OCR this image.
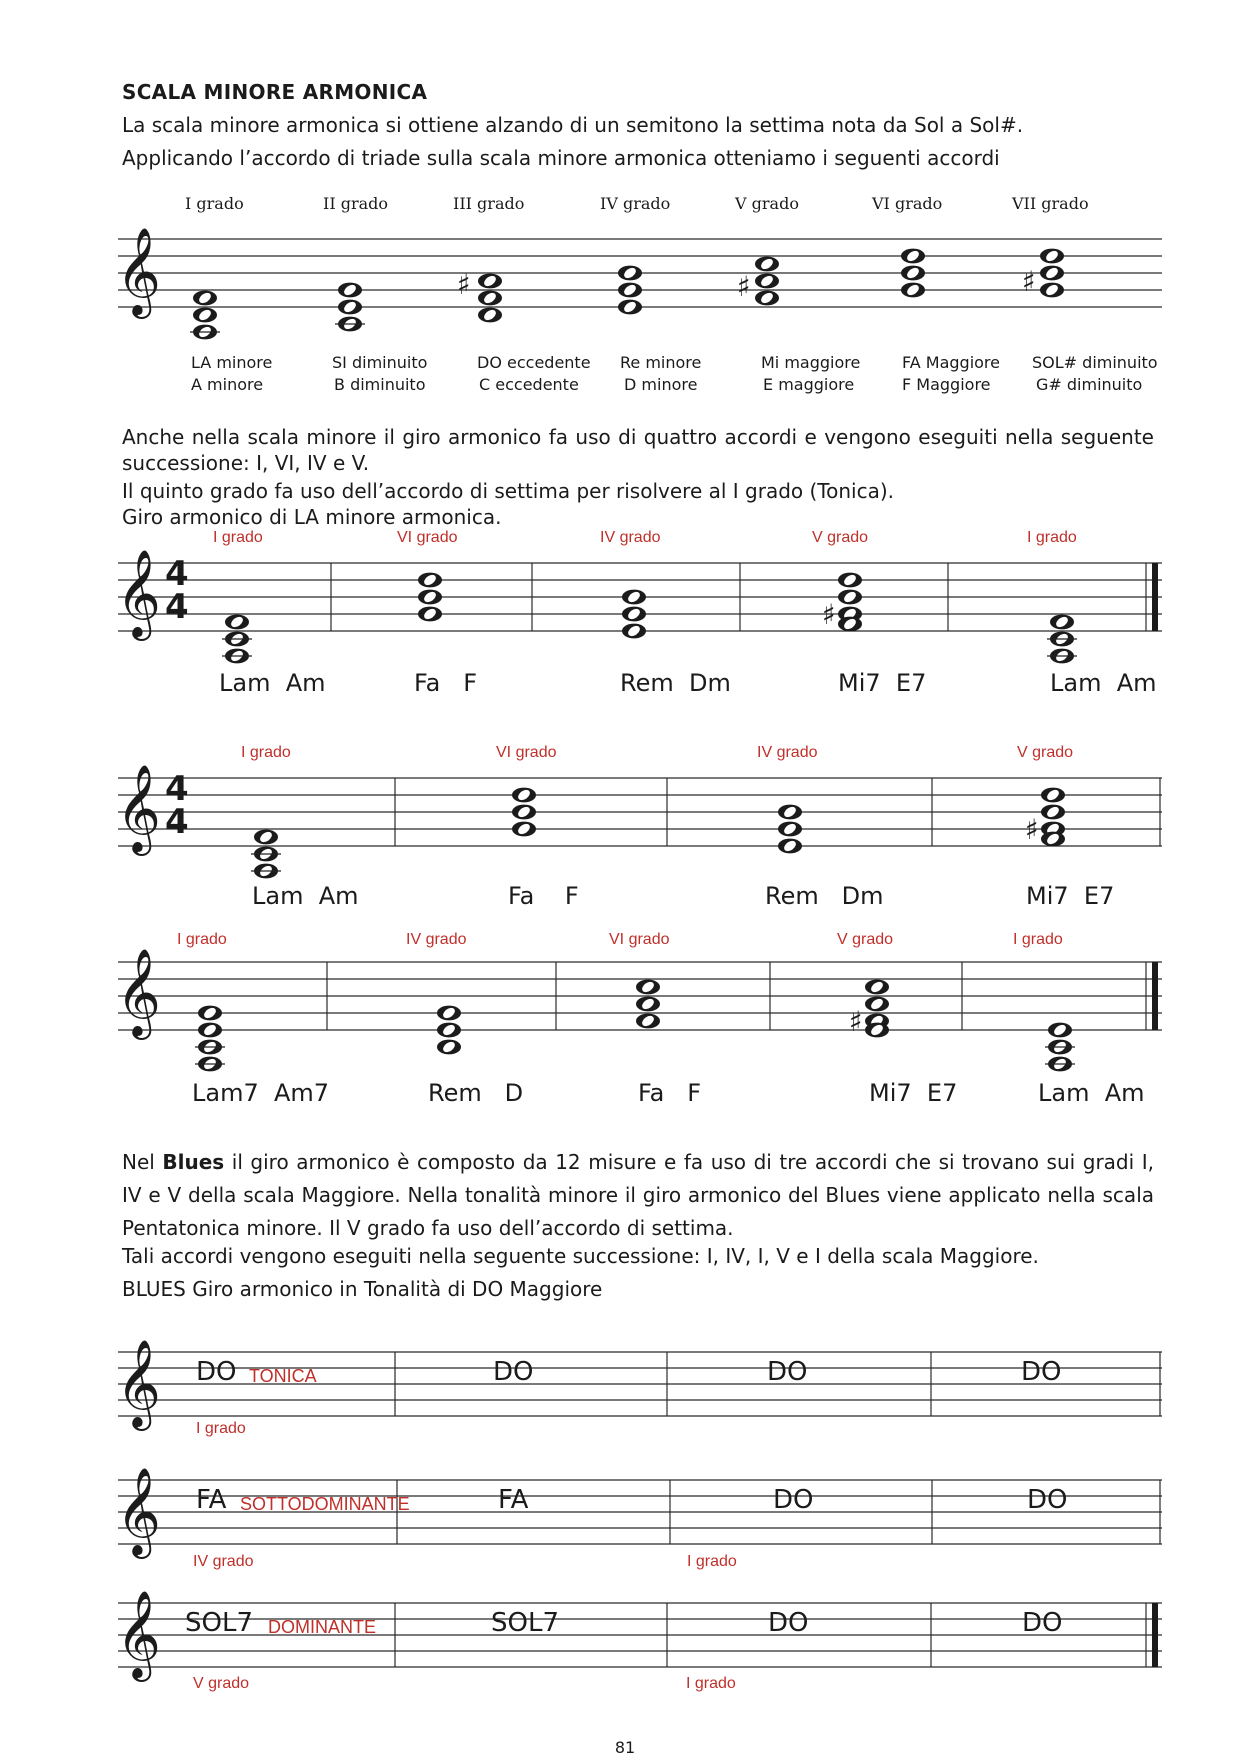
SCALA MINORE ARMONICA
La scala minore armonica si ottiene alzando di un semitono la settima nota da Sol a Sol#.
Applicando l’accordo di triade sulla scala minore armonica otteniamo i seguenti accordi
𝄞	♯	♯	♯
I grado	II grado	III grado	IV grado	V grado	VI grado	VII grado
LA minore
A minore
SI diminuito
B diminuito
DO eccedente
C eccedente
Re minore
D minore
Mi maggiore
E maggiore
FA Maggiore
F Maggiore
SOL# diminuito
G# diminuito
Anche nella scala minore il giro armonico fa uso di quattro accordi e vengono eseguiti nella seguente successione: I, VI, IV e V.
Il quinto grado fa uso dell’accordo di settima per risolvere al I grado (Tonica).
Giro armonico di LA minore armonica.
𝄞 4
4	♯
I grado	VI grado	IV grado	V grado	I grado
Lam  Am	Fa   F	Rem  Dm	Mi7  E7	Lam  Am
𝄞 4
4	♯
I grado	VI grado	IV grado	V grado
Lam  Am	Fa    F	Rem   Dm	Mi7  E7
𝄞	♯
I grado	IV grado	VI grado	V grado	I grado
Lam7  Am7	Rem   D	Fa   F	Mi7  E7	Lam  Am
Nel Blues il giro armonico è composto da 12 misure e fa uso di tre accordi che si trovano sui gradi I, IV e V della scala Maggiore. Nella tonalità minore il giro armonico del Blues viene applicato nella scala Pentatonica minore. Il V grado fa uso dell’accordo di settima.
Tali accordi vengono eseguiti nella seguente successione: I, IV, I, V e I della scala Maggiore.
BLUES Giro armonico in Tonalità di DO Maggiore
𝄞
𝄞
𝄞
DO TONICA	DO	DO	DO
I grado
FA SOTTODOMINANTE	FA	DO	DO
IV grado	I grado
SOL7 DOMINANTE	SOL7	DO	DO
V grado	I grado
81
